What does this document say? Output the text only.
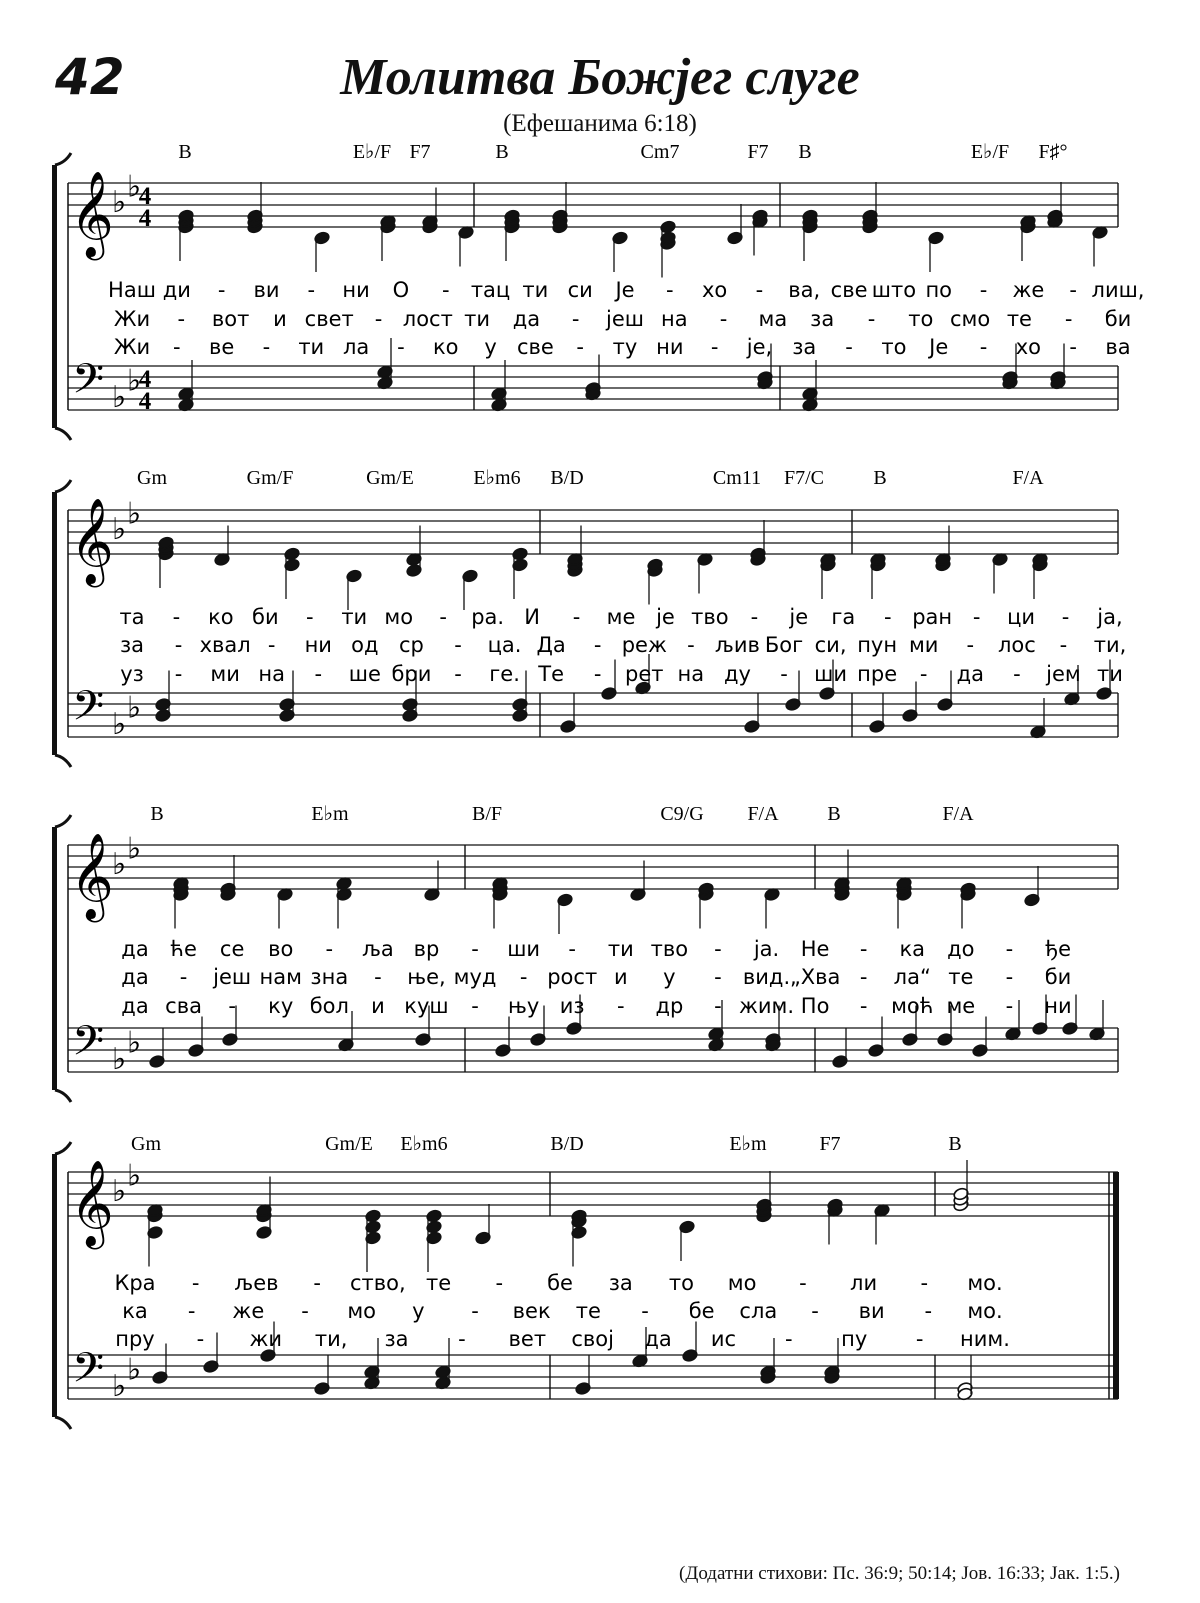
42	Молитва Божјег слуге
(Ефешанима 6:18)
𝄞
𝄢
♭ ♭
♭ ♭
4
4
4
4
B	E♭/F F7	B	Cm7	F7 B	E♭/F F♯°
Наш ди - ви - ни О - тац ти си Је - хо - ва, све што по - же - лиш,
Жи - вот и свет - лост ти да - јеш на - ма за - то смо те - би
Жи - ве - ти ла - ко у све - ту ни - је, за - то Је - хо - ва
𝄞
𝄢
♭ ♭
♭ ♭
Gm	Gm/F	Gm/E	E♭m6 B/D	Cm11 F7/C B	F/A
та - ко би - ти мо - ра. И - ме је тво - је га - ран - ци - ја,
за - хвал - ни од ср - ца. Да - реж - љив Бог си, пун ми - лос - ти,
уз - ми на - ше бри - ге. Те - рет на ду - ши пре - да - јем ти
𝄞
𝄢
♭ ♭
♭ ♭
B	E♭m	B/F	C9/G F/A B	F/A
да ће се во - ља вр - ши - ти тво - ја. Не - ка до - ђе
да - јеш нам зна - ње, муд - рост и у - вид. „Хва - ла“ те - би
да сва - ку бол и куш - њу из - др - жим. По - моћ ме - ни
𝄞
𝄢
♭ ♭
♭ ♭
Gm	Gm/E E♭m6	B/D	E♭m	F7	B
Кра - љев - ство, те - бе за то мо - ли - мо.
ка - же - мо у - век те - бе сла - ви - мо.
пру - жи ти, за - вет свој да ис - пу - ним.
(Додатни стихови: Пс. 36:9; 50:14; Јов. 16:33; Јак. 1:5.)
